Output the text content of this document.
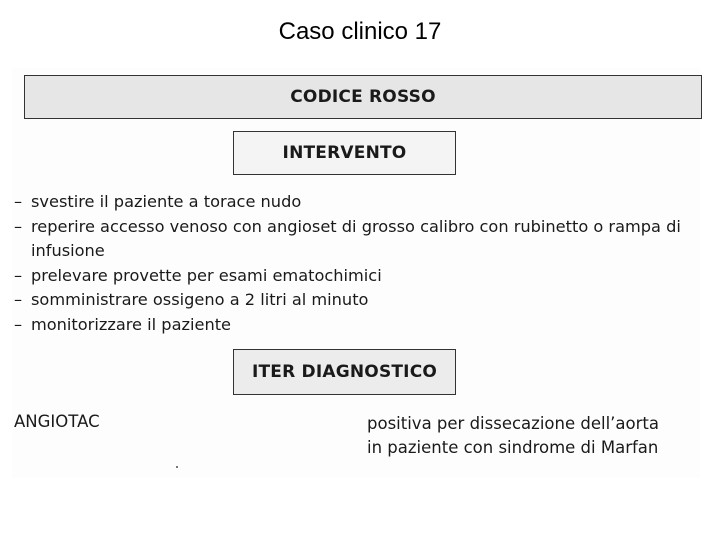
Caso clinico 17
CODICE ROSSO
INTERVENTO
– svestire il paziente a torace nudo
– reperire accesso venoso con angioset di grosso calibro con rubinetto o rampa di infusione
– prelevare provette per esami ematochimici
– somministrare ossigeno a 2 litri al minuto
– monitorizzare il paziente
ITER DIAGNOSTICO
ANGIOTAC	positiva per dissecazione dell’aorta
in paziente con sindrome di Marfan
